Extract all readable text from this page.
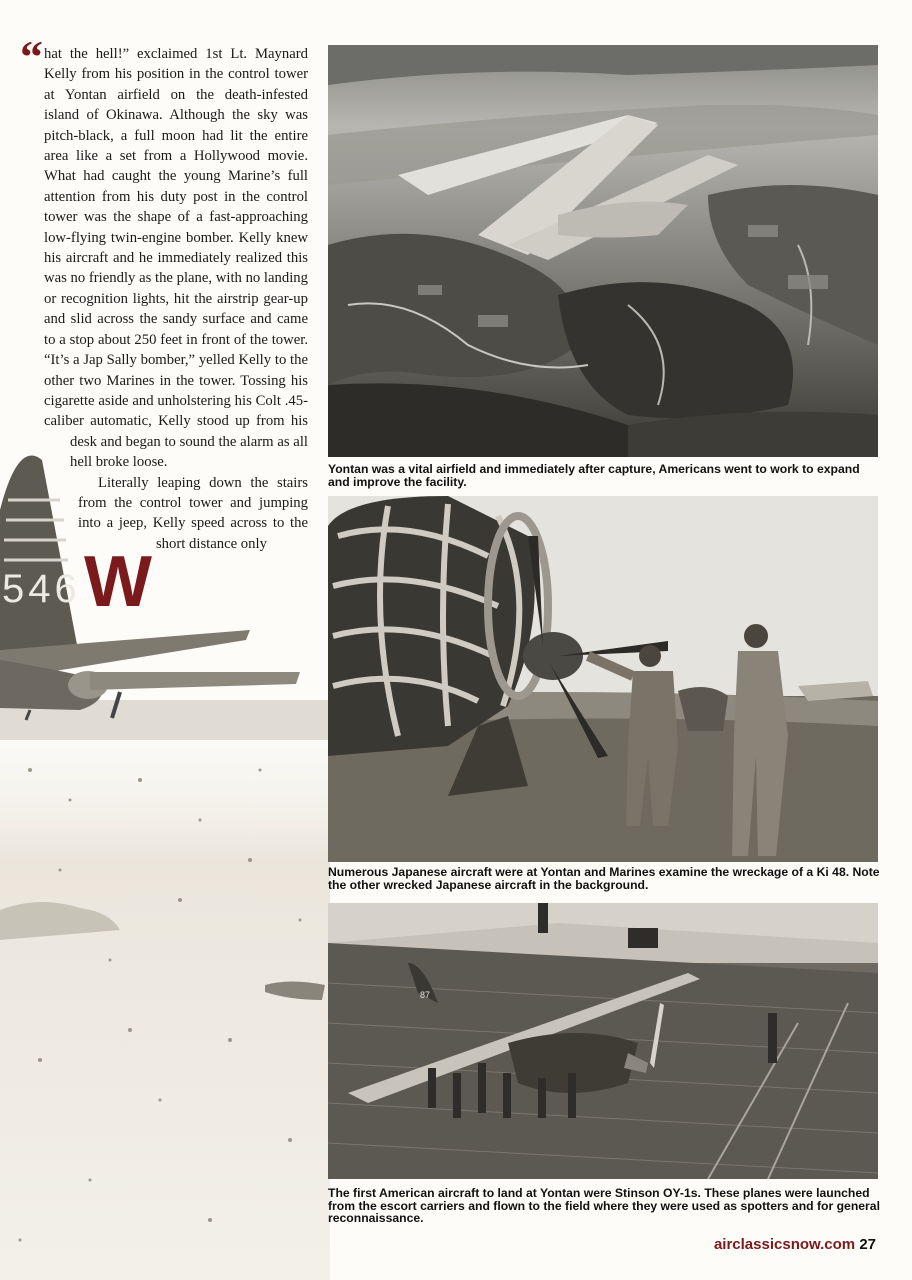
546
“
W

hat the hell!” exclaimed 1st Lt. Maynard Kelly from his position in the control tower at Yontan airfield on the death-infested island of Okinawa. Although the sky was pitch-black, a full moon had lit the entire area like a set from a Hollywood movie. What had caught the young Marine’s full attention from his duty post in the control tower was the shape of a fast-approaching low-flying twin-engine bomber. Kelly knew his aircraft and he immediately realized this was no friendly as the plane, with no landing or recognition lights, hit the airstrip gear-up and slid across the sandy surface and came to a stop about 250 feet in front of the tower. “It’s a Jap Sally bomber,” yelled Kelly to the other two Marines in the tower. Tossing his cigarette aside and unholstering his Colt .45-caliber automatic, Kelly stood up from his desk and began to sound the alarm as all hell broke loose.

Literally leaping down the stairs from the control tower and jumping into a jeep, Kelly speed across to the short distance only

Yontan was a vital airfield and immediately after capture, Americans went to work to expand and improve the facility.
Numerous Japanese aircraft were at Yontan and Marines examine the wreckage of a Ki 48. Note the other wrecked Japanese aircraft in the background.
87
The first American aircraft to land at Yontan were Stinson OY-1s. These planes were launched from the escort carriers and flown to the field where they were used as spotters and for general reconnaissance.
airclassicsnow.com 27
